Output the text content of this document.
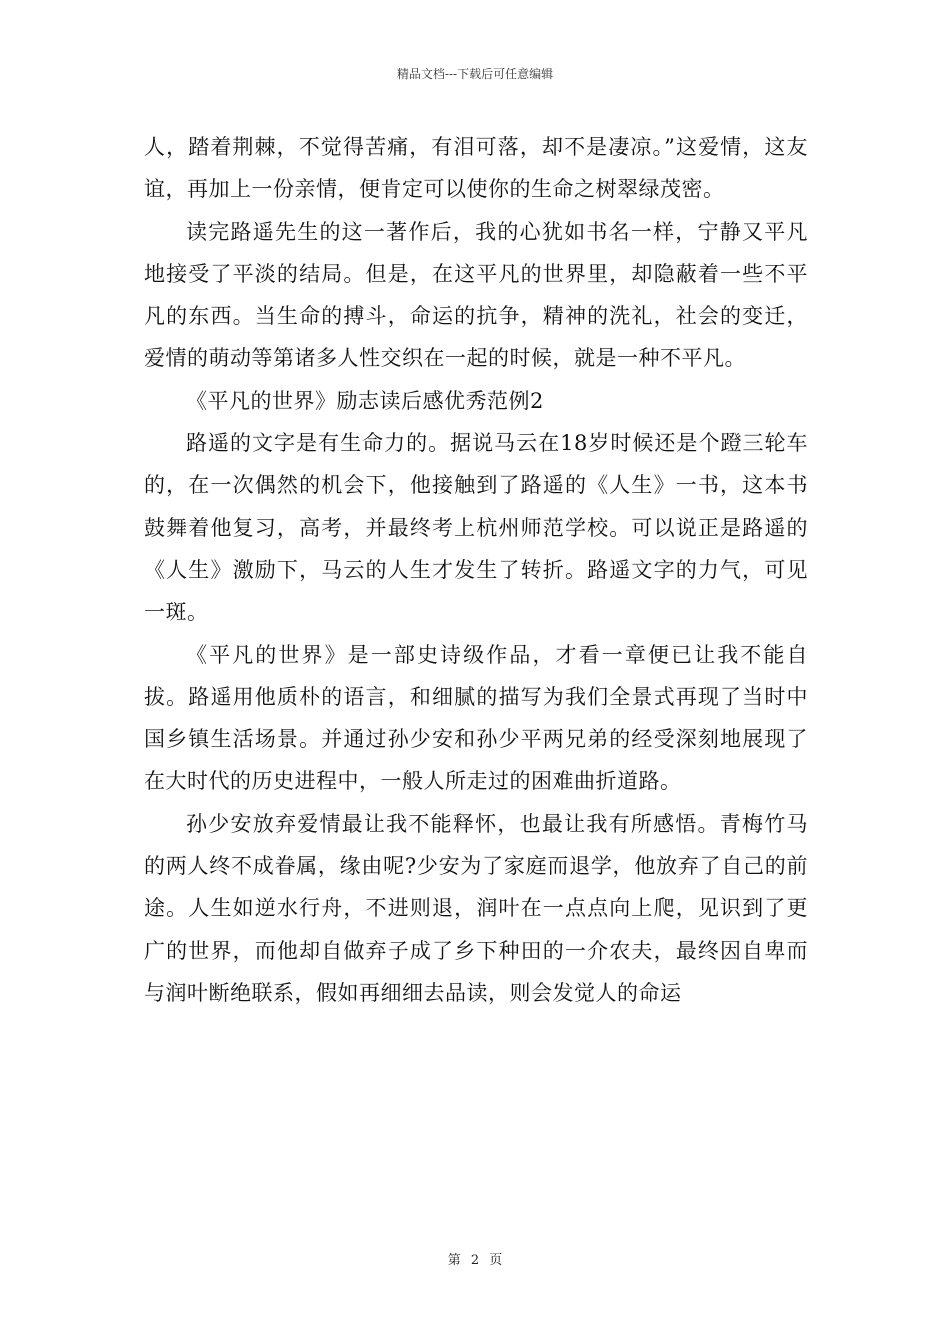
精品文档---下载后可任意编辑

人，踏着荆棘，不觉得苦痛，有泪可落，却不是凄凉。”这爱情，这友谊，再加上一份亲情，便肯定可以使你的生命之树翠绿茂密。

读完路遥先生的这一著作后，我的心犹如书名一样，宁静又平凡地接受了平淡的结局。但是，在这平凡的世界里，却隐蔽着一些不平凡的东西。当生命的搏斗，命运的抗争，精神的洗礼，社会的变迁，爱情的萌动等第诸多人性交织在一起的时候，就是一种不平凡。

《平凡的世界》励志读后感优秀范例2

路遥的文字是有生命力的。据说马云在18岁时候还是个蹬三轮车的，在一次偶然的机会下，他接触到了路遥的《人生》一书，这本书鼓舞着他复习，高考，并最终考上杭州师范学校。可以说正是路遥的《人生》激励下，马云的人生才发生了转折。路遥文字的力气，可见一斑。

《平凡的世界》是一部史诗级作品，才看一章便已让我不能自拔。路遥用他质朴的语言，和细腻的描写为我们全景式再现了当时中国乡镇生活场景。并通过孙少安和孙少平两兄弟的经受深刻地展现了在大时代的历史进程中，一般人所走过的困难曲折道路。

孙少安放弃爱情最让我不能释怀，也最让我有所感悟。青梅竹马的两人终不成眷属，缘由呢?少安为了家庭而退学，他放弃了自己的前途。人生如逆水行舟，不进则退，润叶在一点点向上爬，见识到了更广的世界，而他却自做弃子成了乡下种田的一介农夫，最终因自卑而与润叶断绝联系，假如再细细去品读，则会发觉人的命运

第 2 页
